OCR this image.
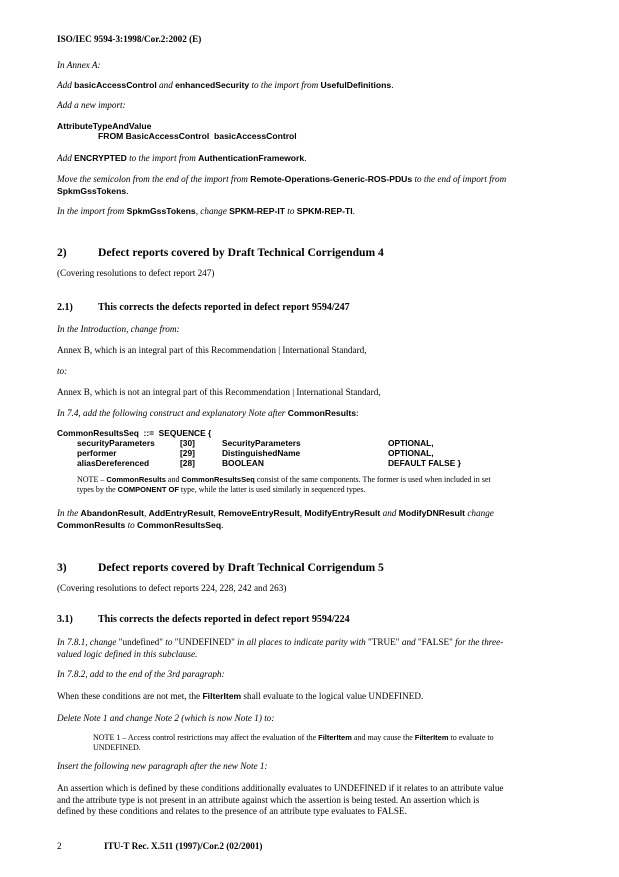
ISO/IEC 9594-3:1998/Cor.2:2002 (E)
In Annex A:
Add basicAccessControl and enhancedSecurity to the import from UsefulDefinitions.
Add a new import:
AttributeTypeAndValue
FROM BasicAccessControl  basicAccessControl
Add ENCRYPTED to the import from AuthenticationFramework.
Move the semicolon from the end of the import from Remote-Operations-Generic-ROS-PDUs to the end of import from
SpkmGssTokens.
In the import from SpkmGssTokens, change SPKM-REP-IT to SPKM-REP-TI.
2)	Defect reports covered by Draft Technical Corrigendum 4
(Covering resolutions to defect report 247)
2.1)	This corrects the defects reported in defect report 9594/247
In the Introduction, change from:
Annex B, which is an integral part of this Recommendation | International Standard,
to:
Annex B, which is not an integral part of this Recommendation | International Standard,
In 7.4, add the following construct and explanatory Note after CommonResults:
CommonResultsSeq  ::=  SEQUENCE {
securityParameters	[30]	SecurityParameters	OPTIONAL,
performer	[29]	DistinguishedName	OPTIONAL,
aliasDereferenced	[28]	BOOLEAN	DEFAULT FALSE }
NOTE – CommonResults and CommonResultsSeq consist of the same components. The former is used when included in set
types by the COMPONENT OF type, while the latter is used similarly in sequenced types.
In the AbandonResult, AddEntryResult, RemoveEntryResult, ModifyEntryResult and ModifyDNResult change
CommonResults to CommonResultsSeq.
3)	Defect reports covered by Draft Technical Corrigendum 5
(Covering resolutions to defect reports 224, 228, 242 and 263)
3.1)	This corrects the defects reported in defect report 9594/224
In 7.8.1, change "undefined" to "UNDEFINED" in all places to indicate parity with "TRUE" and "FALSE" for the three-
valued logic defined in this subclause.
In 7.8.2, add to the end of the 3rd paragraph:
When these conditions are not met, the FilterItem shall evaluate to the logical value UNDEFINED.
Delete Note 1 and change Note 2 (which is now Note 1) to:
NOTE 1 – Access control restrictions may affect the evaluation of the FilterItem and may cause the FilterItem to evaluate to
UNDEFINED.
Insert the following new paragraph after the new Note 1:
An assertion which is defined by these conditions additionally evaluates to UNDEFINED if it relates to an attribute value
and the attribute type is not present in an attribute against which the assertion is being tested. An assertion which is
defined by these conditions and relates to the presence of an attribute type evaluates to FALSE.
2	ITU-T Rec. X.511 (1997)/Cor.2 (02/2001)
